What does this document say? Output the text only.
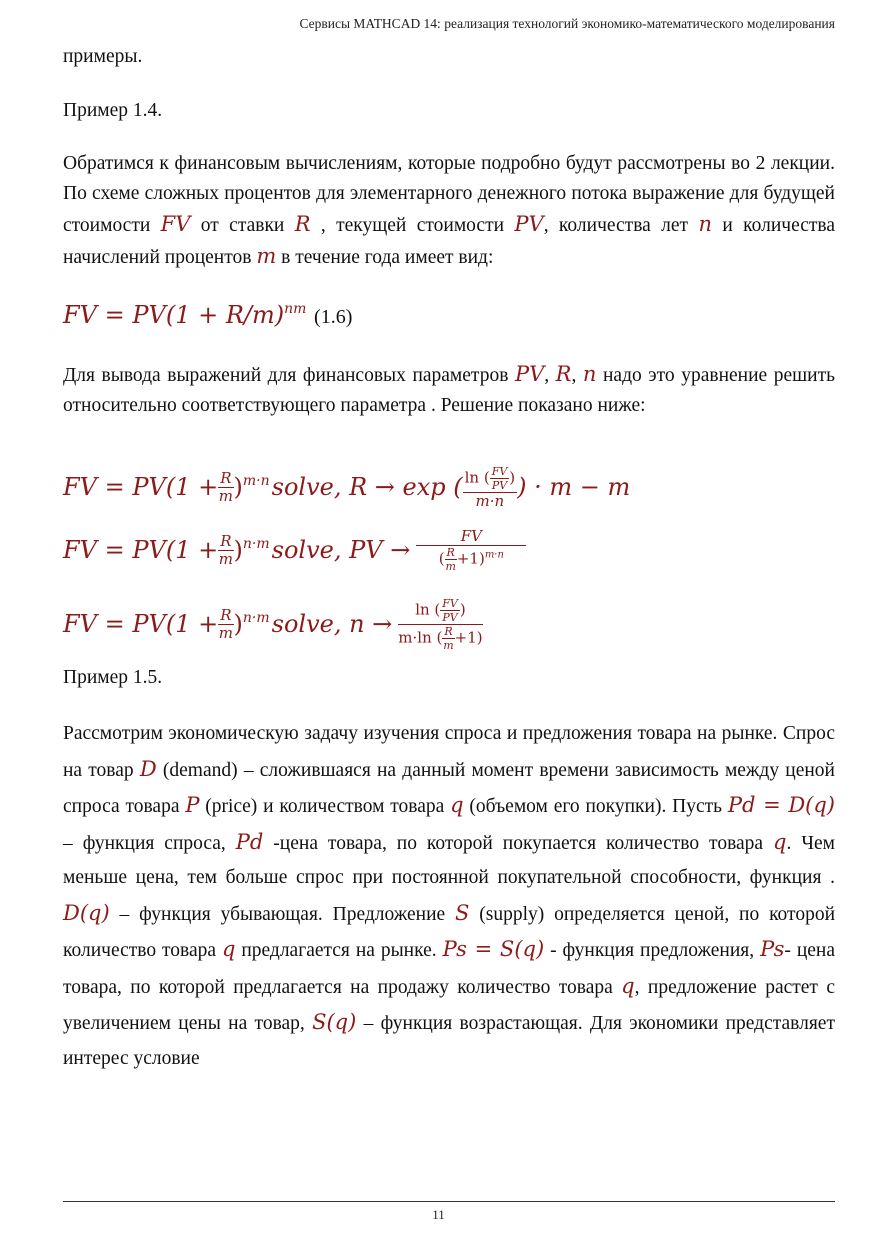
Сервисы MATHCAD 14: реализация технологий экономико-математического моделирования

примеры.

Пример 1.4.

Обратимся к финансовым вычислениям, которые подробно будут рассмотрены во 2 лекции. По схеме сложных процентов для элементарного денежного потока выражение для будущей стоимости FV от ставки R , текущей стоимости PV, количества лет n и количества начислений процентов m в течение года имеет вид:

FV = $PV(1 + R/m)^{nm}$ (1.6)

Для вывода выражений для финансовых параметров PV, R, n надо это уравнение решить относительно соответствующего параметра . Решение показано ниже:

FV = $PV(1 + \frac{R}{m} )^{m\cdot n}$ solve, R → exp ( $\frac{\ln ( \frac{FV}{PV} )}{m\cdot n}$ ) · m − m
FV = $PV(1 + \frac{R}{m} )^{n\cdot m}$ solve, PV → $\frac{FV}{( \frac{R}{m} +1)^{m\cdot n}}$
FV = $PV(1 + \frac{R}{m} )^{n\cdot m}$ solve, $n \to \frac{\ln ( \frac{FV}{PV} )}{m\cdot\ln ( \frac{R}{m} +1)}$

Пример 1.5.

Рассмотрим экономическую задачу изучения спроса и предложения товара на рынке. Спрос на товар D (demand) – сложившаяся на данный момент времени зависимость между ценой спроса товара P (price) и количеством товара q (объемом его покупки). Пусть Pd = D(q) – функция спроса, Pd -цена товара, по которой покупается количество товара q. Чем меньше цена, тем больше спрос при постоянной покупательной способности, функция . D(q) – функция убывающая. Предложение S (supply) определяется ценой, по которой количество товара q предлагается на рынке. Ps = S(q) - функция предложения, Ps- цена товара, по которой предлагается на продажу количество товара q, предложение растет с увеличением цены на товар, S(q) – функция возрастающая. Для экономики представляет интерес условие

11
